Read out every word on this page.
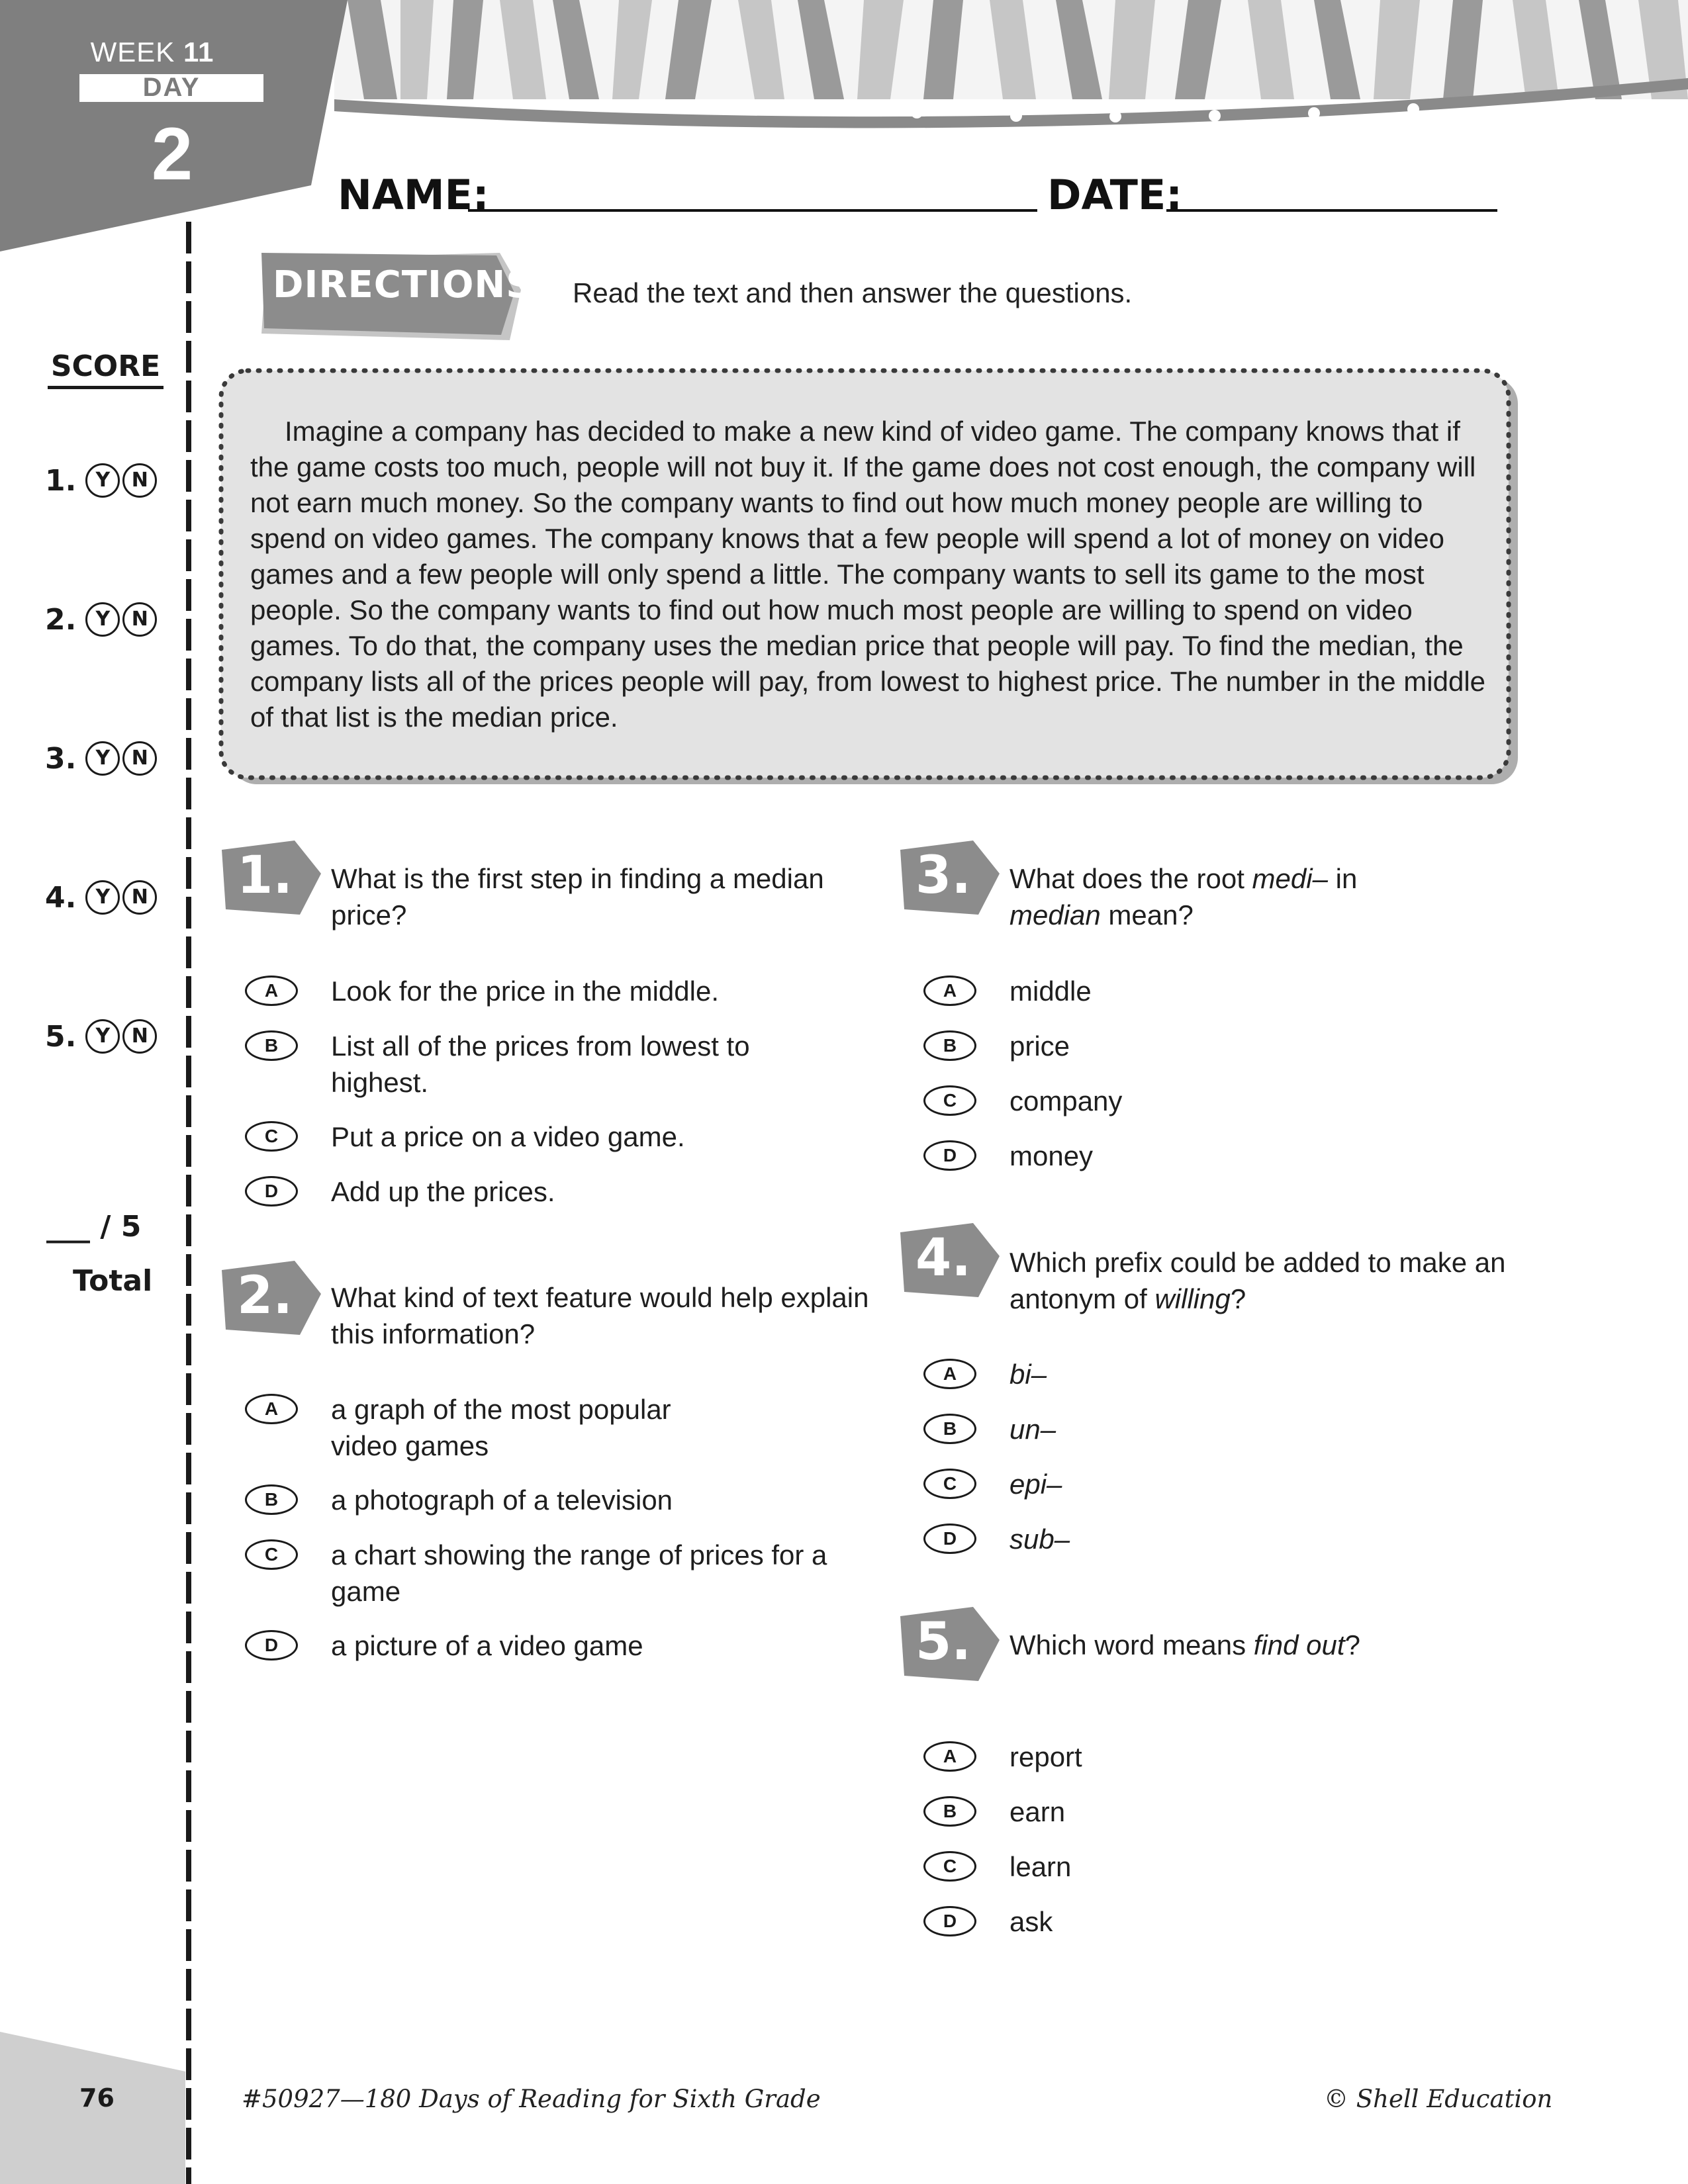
WEEK 11
DAY
2	NAME:	DATE:
DIRECTIONS Read the text and then answer the questions.
SCORE
1. Y	N
2. Y	N
3. Y	N
4. Y	N
5. Y	N
___ / 5
Total
Imagine a company has decided to make a new kind of video game. The company knows that if the game costs too much, people will not buy it. If the game does not cost enough, the company will not earn much money. So the company wants to find out how much money people are willing to spend on video games. The company knows that a few people will spend a lot of money on video games and a few people will only spend a little. The company wants to sell its game to the most people. So the company wants to find out how much most people are willing to spend on video games. To do that, the company uses the median price that people will pay. To find the median, the company lists all of the prices people will pay, from lowest to highest price. The number in the middle of that list is the median price.
1.	What is the first step in finding a median price?
A	Look for the price in the middle.
B	List all of the prices from lowest to highest.
C	Put a price on a video game.
D	Add up the prices.
2.	What kind of text feature would help explain this information?
A	a graph of the most popular video games
B	a photograph of a television
C	a chart showing the range of prices for a game
D	a picture of a video game
3.	What does the root medi– in
median mean?
A	middle
B	price
C	company
D	money
4.	Which prefix could be added to make an antonym of willing?
A	bi–
B	un–
C	epi–
D	sub–
5.	Which word means find out?
A	report
B	earn
C	learn
D	ask
76	#50927—180 Days of Reading for Sixth Grade	© Shell Education
